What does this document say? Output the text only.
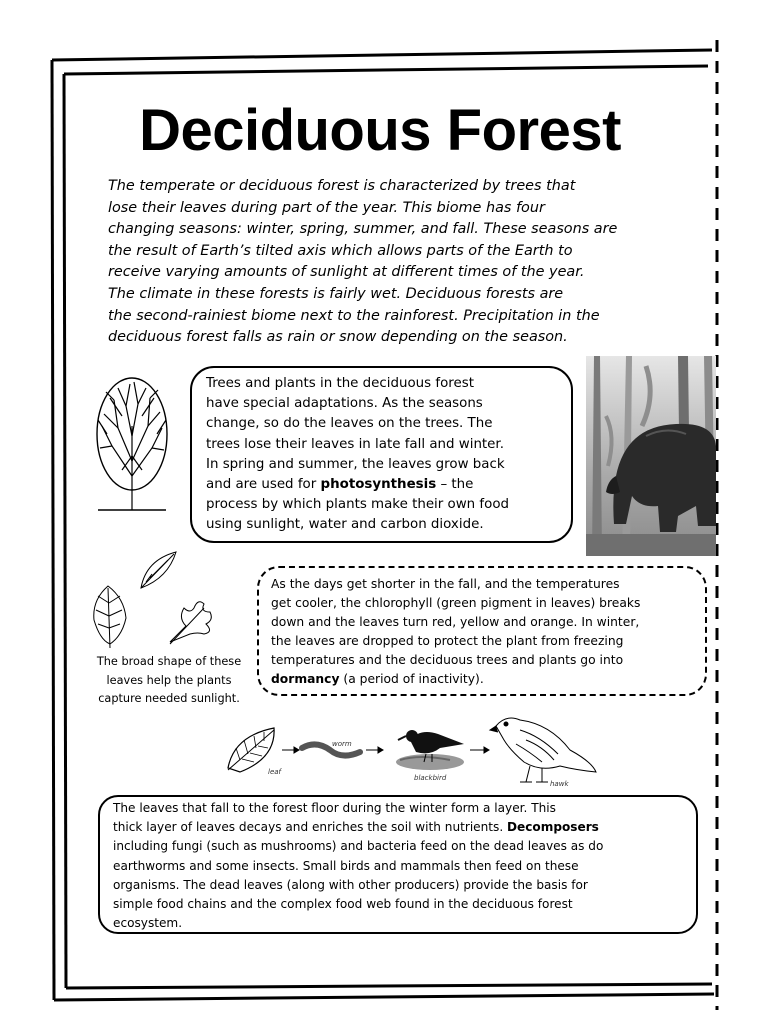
Deciduous Forest
The temperate or deciduous forest is characterized by trees that
lose their leaves during part of the year. This biome has four
changing seasons: winter, spring, summer, and fall. These seasons are
the result of Earth’s tilted axis which allows parts of the Earth to
receive varying amounts of sunlight at different times of the year.
The climate in these forests is fairly wet. Deciduous forests are
the second-rainiest biome next to the rainforest. Precipitation in the
deciduous forest falls as rain or snow depending on the season.
Trees and plants in the deciduous forest
have special adaptations. As the seasons
change, so do the leaves on the trees. The
trees lose their leaves in late fall and winter.
In spring and summer, the leaves grow back
and are used for photosynthesis – the
process by which plants make their own food
using sunlight, water and carbon dioxide.
The broad shape of these
leaves help the plants
capture needed sunlight.
As the days get shorter in the fall, and the temperatures
get cooler, the chlorophyll (green pigment in leaves) breaks
down and the leaves turn red, yellow and orange. In winter,
the leaves are dropped to protect the plant from freezing
temperatures and the deciduous trees and plants go into
dormancy (a period of inactivity).
leaf
worm
blackbird
hawk
The leaves that fall to the forest floor during the winter form a layer. This
thick layer of leaves decays and enriches the soil with nutrients. Decomposers
including fungi (such as mushrooms) and bacteria feed on the dead leaves as do
earthworms and some insects. Small birds and mammals then feed on these
organisms. The dead leaves (along with other producers) provide the basis for
simple food chains and the complex food web found in the deciduous forest
ecosystem.
